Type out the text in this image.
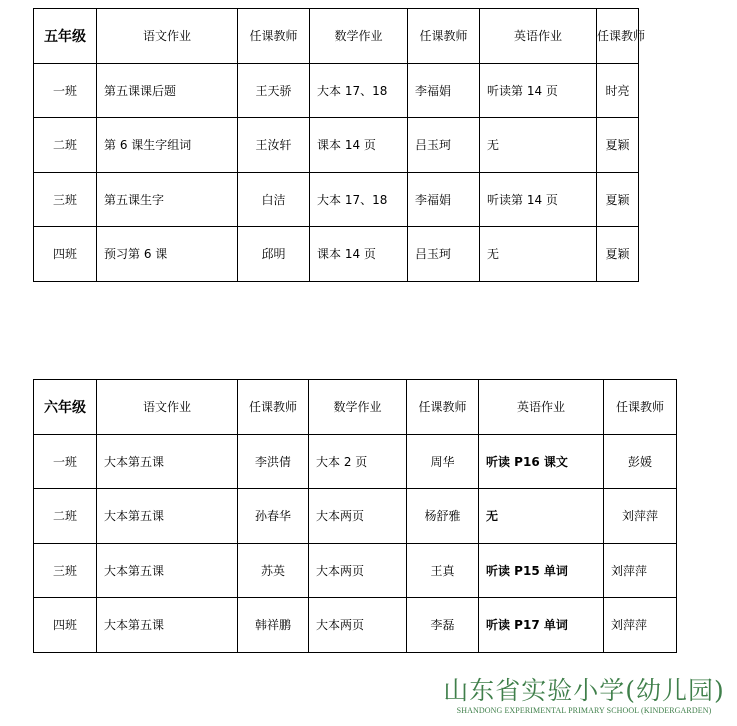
五年级	语文作业	任课教师	数学作业	任课教师	英语作业	任课教师
一班	第五课课后题	王天骄	大本 17、18	李福娟	听读第 14 页	时亮
二班	第 6 课生字组词	王汝轩	课本 14 页	吕玉珂	无	夏颖
三班	第五课生字	白洁	大本 17、18	李福娟	听读第 14 页	夏颖
四班	预习第 6 课	邱明	课本 14 页	吕玉珂	无	夏颖
六年级	语文作业	任课教师	数学作业	任课教师	英语作业	任课教师
一班	大本第五课	李洪倩	大本 2 页	周华	听读 P16 课文	彭媛
二班	大本第五课	孙春华	大本两页	杨舒雅	无	刘萍萍
三班	大本第五课	苏英	大本两页	王真	听读 P15 单词	刘萍萍
四班	大本第五课	韩祥鹏	大本两页	李磊	听读 P17 单词	刘萍萍
山东省实验小学(幼儿园)
SHANDONG EXPERIMENTAL PRIMARY SCHOOL (KINDERGARDEN)
